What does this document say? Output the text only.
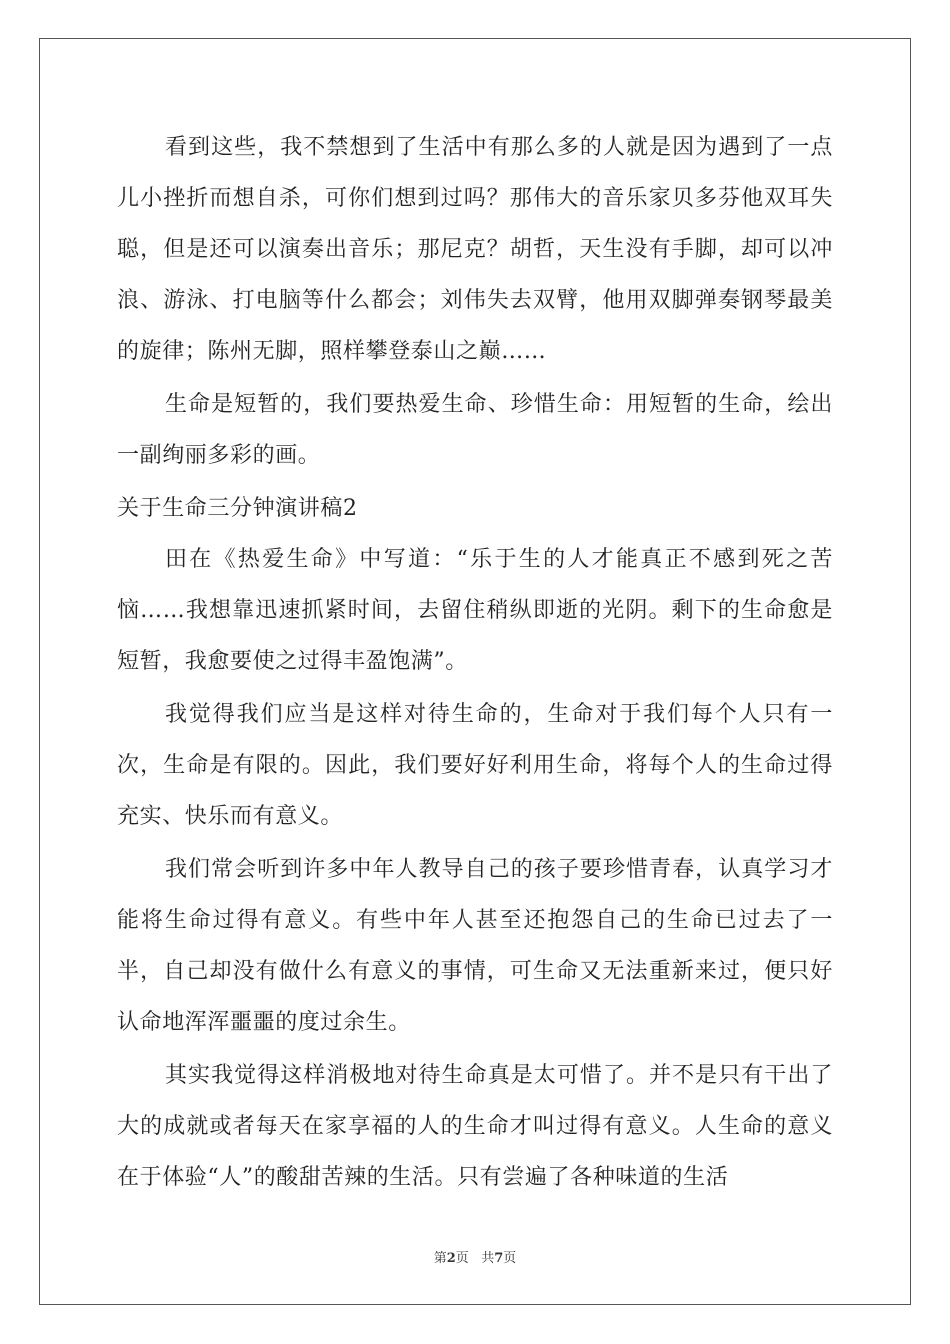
看到这些，我不禁想到了生活中有那么多的人就是因为遇到了一点儿小挫折而想自杀，可你们想到过吗？那伟大的音乐家贝多芬他双耳失聪，但是还可以演奏出音乐；那尼克？胡哲，天生没有手脚，却可以冲浪、游泳、打电脑等什么都会；刘伟失去双臂，他用双脚弹奏钢琴最美的旋律；陈州无脚，照样攀登泰山之巅……

生命是短暂的，我们要热爱生命、珍惜生命：用短暂的生命，绘出一副绚丽多彩的画。

关于生命三分钟演讲稿2

田在《热爱生命》中写道：“乐于生的人才能真正不感到死之苦恼……我想靠迅速抓紧时间，去留住稍纵即逝的光阴。剩下的生命愈是短暂，我愈要使之过得丰盈饱满”。

我觉得我们应当是这样对待生命的，生命对于我们每个人只有一次，生命是有限的。因此，我们要好好利用生命，将每个人的生命过得充实、快乐而有意义。

我们常会听到许多中年人教导自己的孩子要珍惜青春，认真学习才能将生命过得有意义。有些中年人甚至还抱怨自己的生命已过去了一半，自己却没有做什么有意义的事情，可生命又无法重新来过，便只好认命地浑浑噩噩的度过余生。

其实我觉得这样消极地对待生命真是太可惜了。并不是只有干出了大的成就或者每天在家享福的人的生命才叫过得有意义。人生命的意义在于体验“人”的酸甜苦辣的生活。只有尝遍了各种味道的生活

第2页 共7页
